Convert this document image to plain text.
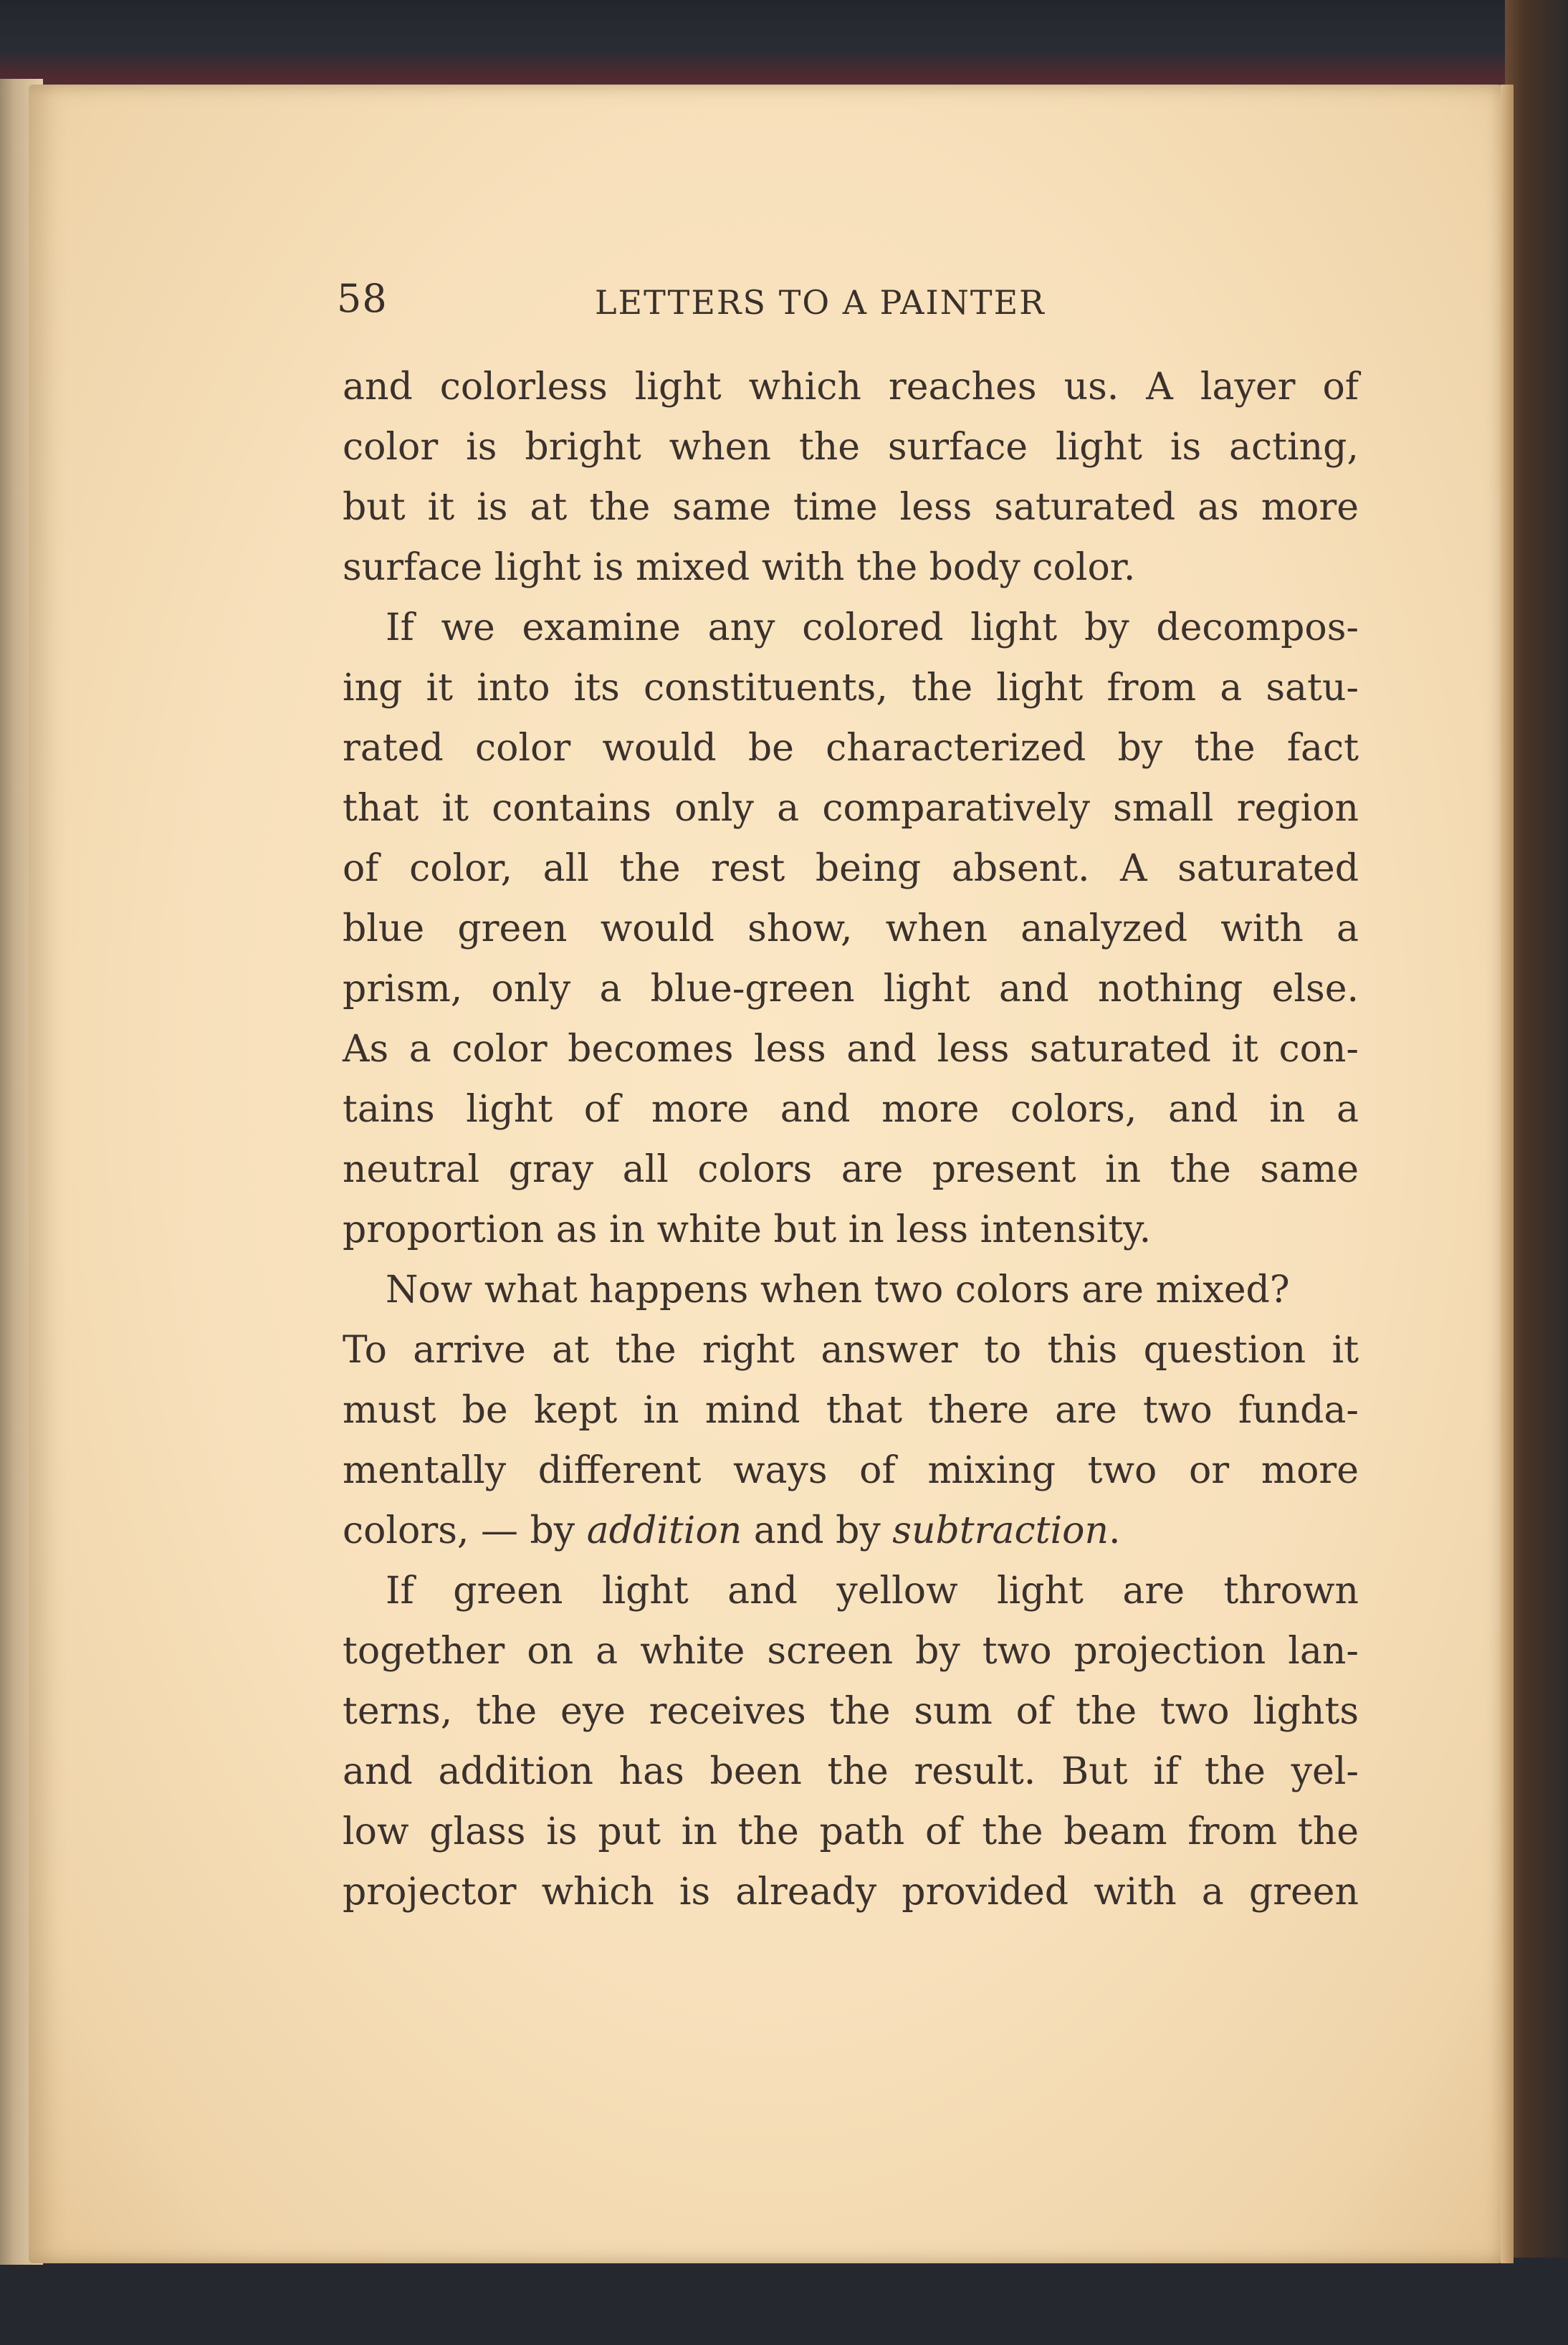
58	LETTERS TO A PAINTER
and colorless light which reaches us. A layer of
color is bright when the surface light is acting,
but it is at the same time less saturated as more
surface light is mixed with the body color.
If we examine any colored light by decompos-
ing it into its constituents, the light from a satu-
rated color would be characterized by the fact
that it contains only a comparatively small region
of color, all the rest being absent. A saturated
blue green would show, when analyzed with a
prism, only a blue-green light and nothing else.
As a color becomes less and less saturated it con-
tains light of more and more colors, and in a
neutral gray all colors are present in the same
proportion as in white but in less intensity.
Now what happens when two colors are mixed?
To arrive at the right answer to this question it
must be kept in mind that there are two funda-
mentally different ways of mixing two or more
colors, — by addition and by subtraction.
If green light and yellow light are thrown
together on a white screen by two projection lan-
terns, the eye receives the sum of the two lights
and addition has been the result. But if the yel-
low glass is put in the path of the beam from the
projector which is already provided with a green
